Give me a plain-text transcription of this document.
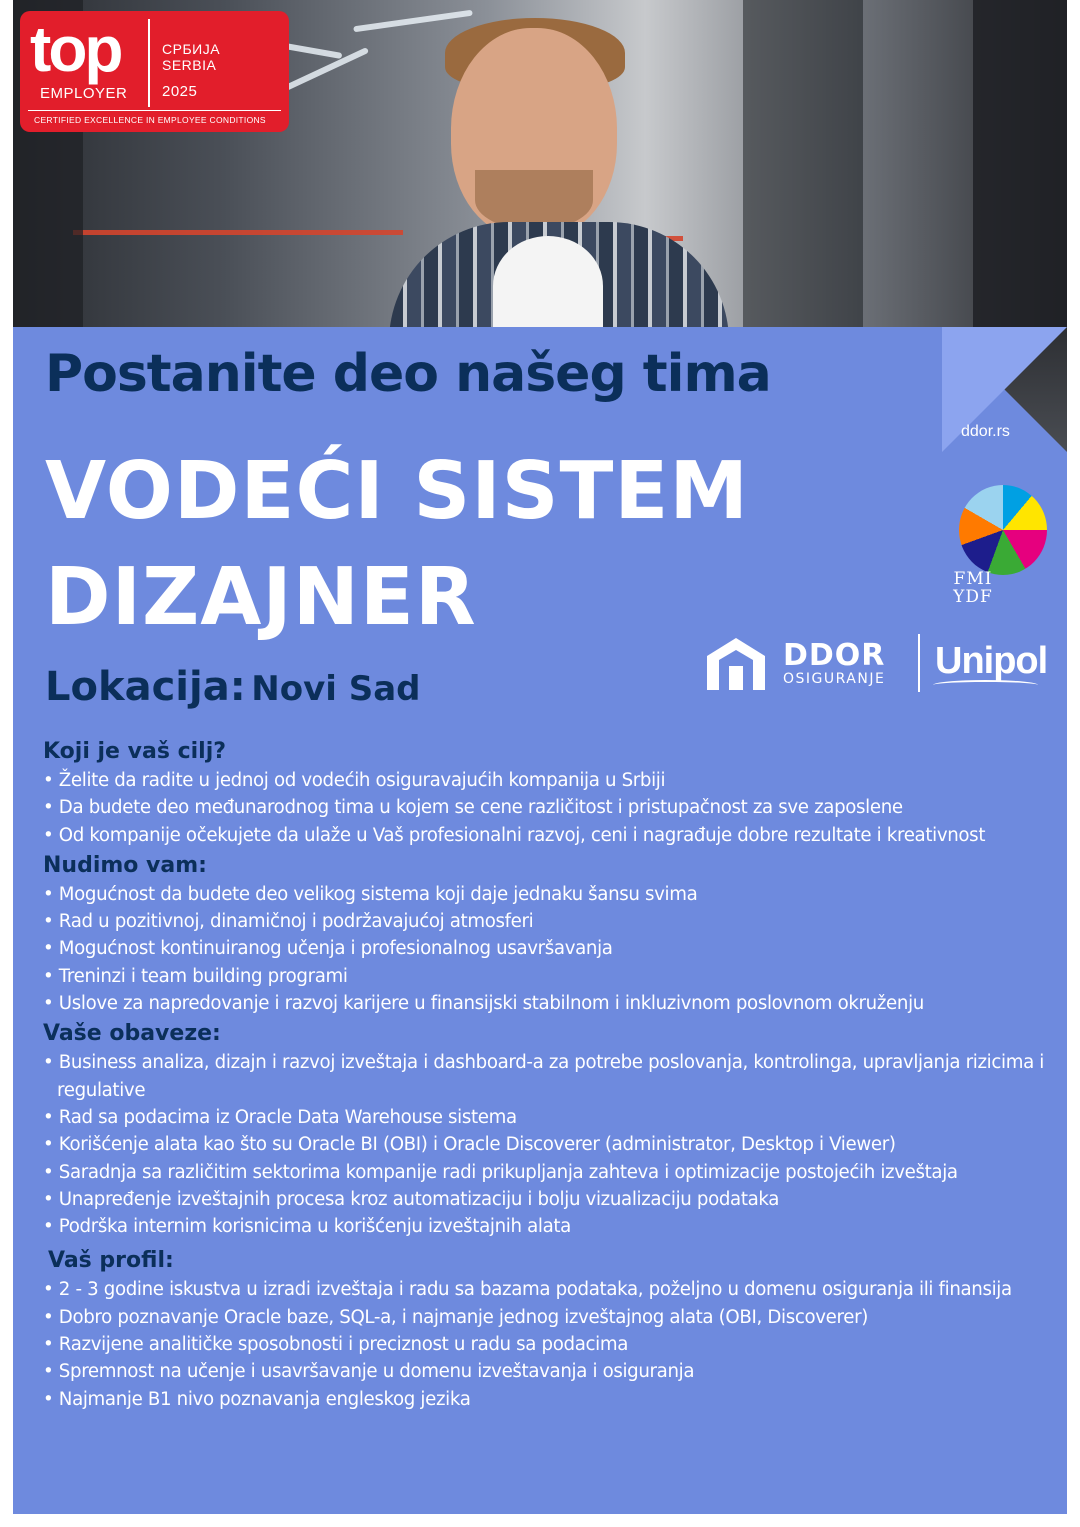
top
EMPLOYER
СРБИЈА
SERBIA
2025
CERTIFIED EXCELLENCE IN EMPLOYEE CONDITIONS
ddor.rs
Postanite deo našeg tima
VODEĆI SISTEM
DIZAJNER
Lokacija: Novi Sad
FMI
YDF
DDOR
OSIGURANJE Unipol
Koji je vaš cilj?
• Želite da radite u jednoj od vodećih osiguravajućih kompanija u Srbiji
• Da budete deo međunarodnog tima u kojem se cene različitost i pristupačnost za sve zaposlene
• Od kompanije očekujete da ulaže u Vaš profesionalni razvoj, ceni i nagrađuje dobre rezultate i kreativnost
Nudimo vam:
• Mogućnost da budete deo velikog sistema koji daje jednaku šansu svima
• Rad u pozitivnoj, dinamičnoj i podržavajućoj atmosferi
• Mogućnost kontinuiranog učenja i profesionalnog usavršavanja
• Treninzi i team building programi
• Uslove za napredovanje i razvoj karijere u finansijski stabilnom i inkluzivnom poslovnom okruženju
Vaše obaveze:
• Business analiza, dizajn i razvoj izveštaja i dashboard-a za potrebe poslovanja, kontrolinga, upravljanja rizicima i regulative
• Rad sa podacima iz Oracle Data Warehouse sistema
• Korišćenje alata kao što su Oracle BI (OBI) i Oracle Discoverer (administrator, Desktop i Viewer)
• Saradnja sa različitim sektorima kompanije radi prikupljanja zahteva i optimizacije postojećih izveštaja
• Unapređenje izveštajnih procesa kroz automatizaciju i bolju vizualizaciju podataka
• Podrška internim korisnicima u korišćenju izveštajnih alata
Vaš profil:
• 2 - 3 godine iskustva u izradi izveštaja i radu sa bazama podataka, poželjno u domenu osiguranja ili finansija
• Dobro poznavanje Oracle baze, SQL-a, i najmanje jednog izveštajnog alata (OBI, Discoverer)
• Razvijene analitičke sposobnosti i preciznost u radu sa podacima
• Spremnost na učenje i usavršavanje u domenu izveštavanja i osiguranja
• Najmanje B1 nivo poznavanja engleskog jezika
